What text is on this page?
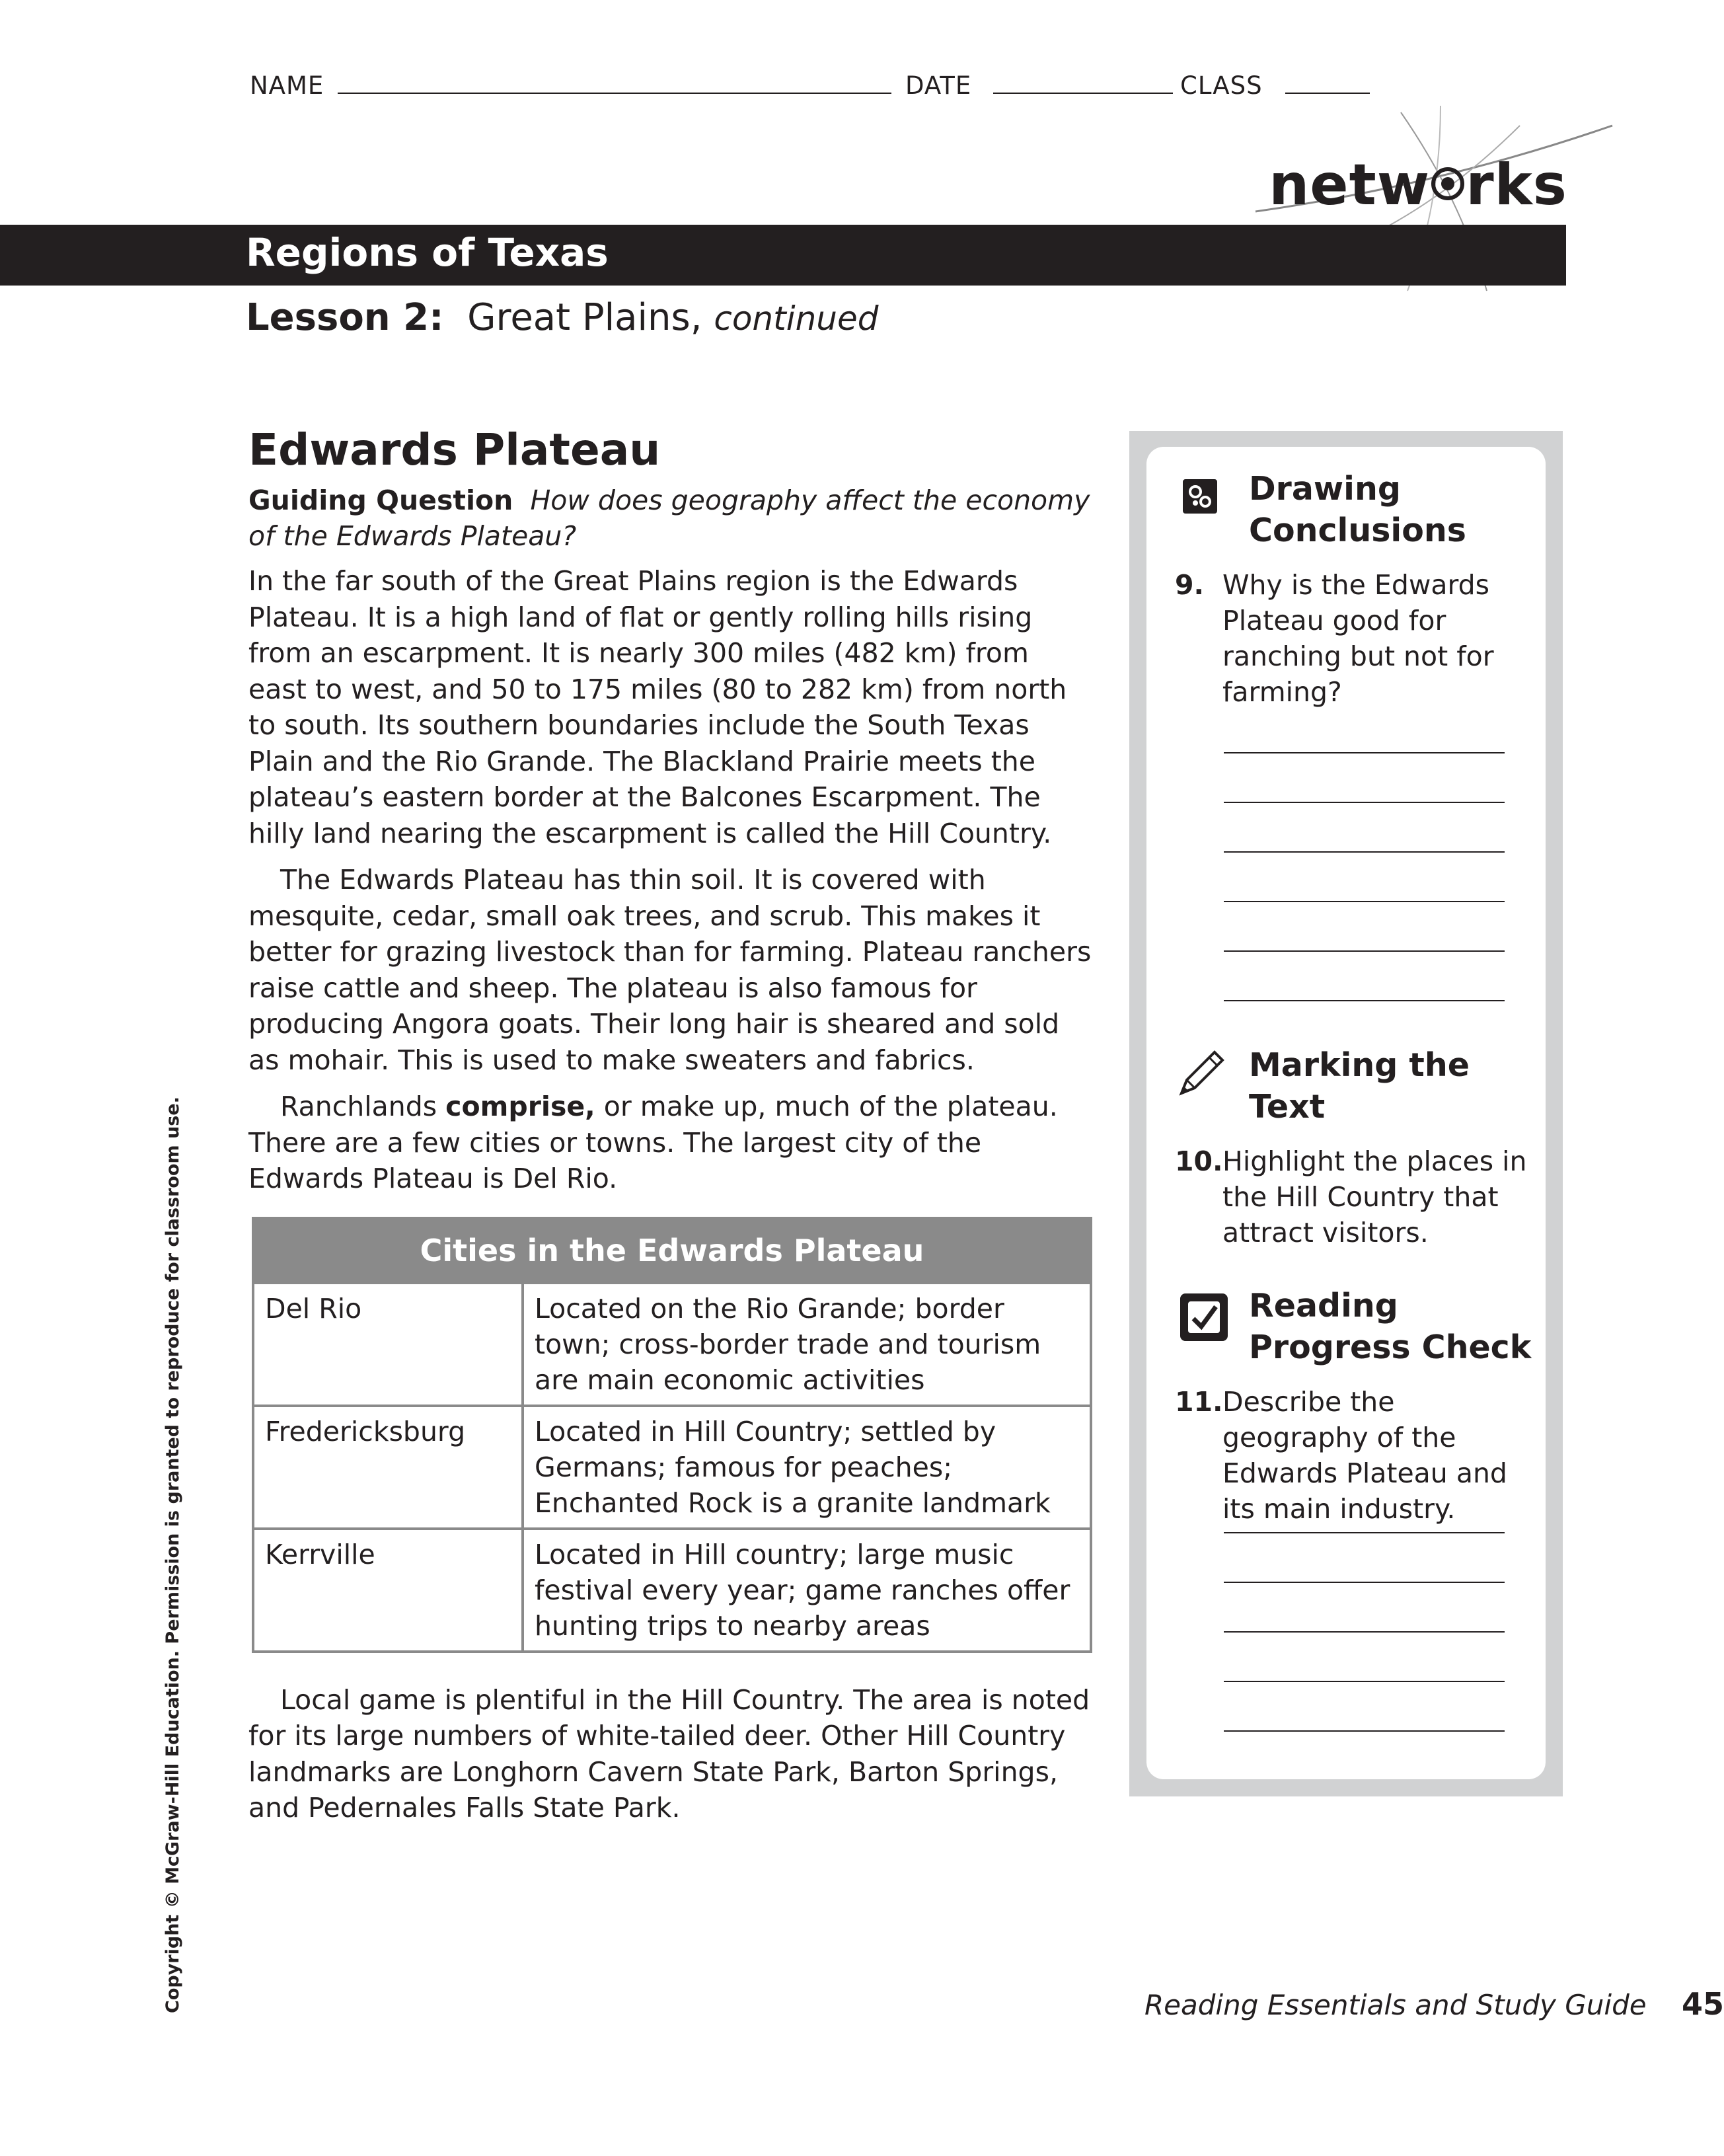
NAME	DATE	CLASS
netw rks
Regions of Texas
Lesson 2: Great Plains, continued
Edwards Plateau
Guiding Question How does geography affect the economy of the Edwards Plateau?

In the far south of the Great Plains region is the Edwards Plateau. It is a high land of flat or gently rolling hills rising from an escarpment. It is nearly 300 miles (482 km) from east to west, and 50 to 175 miles (80 to 282 km) from north to south. Its southern boundaries include the South Texas Plain and the Rio Grande. The Blackland Prairie meets the plateau’s eastern border at the Balcones Escarpment. The hilly land nearing the escarpment is called the Hill Country.

The Edwards Plateau has thin soil. It is covered with mesquite, cedar, small oak trees, and scrub. This makes it better for grazing livestock than for farming. Plateau ranchers raise cattle and sheep. The plateau is also famous for producing Angora goats. Their long hair is sheared and sold as mohair. This is used to make sweaters and fabrics.

Ranchlands comprise, or make up, much of the plateau. There are a few cities or towns. The largest city of the Edwards Plateau is Del Rio.

Cities in the Edwards Plateau	
Del Rio	Located on the Rio Grande; border town; cross-border trade and tourism are main economic activities
Fredericksburg	Located in Hill Country; settled by Germans; famous for peaches; Enchanted Rock is a granite landmark
Kerrville	Located in Hill country; large music festival every year; game ranches offer hunting trips to nearby areas

Local game is plentiful in the Hill Country. The area is noted for its large numbers of white-tailed deer. Other Hill Country landmarks are Longhorn Cavern State Park, Barton Springs, and Pedernales Falls State Park.

Drawing
Conclusions
9. Why is the Edwards Plateau good for ranching but not for farming?
Marking the
Text
10. Highlight the places in the Hill Country that attract visitors.
Reading
Progress Check
11. Describe the geography of the Edwards Plateau and its main industry.
Copyright © McGraw-Hill Education. Permission is granted to reproduce for classroom use.	Reading Essentials and Study Guide 45
